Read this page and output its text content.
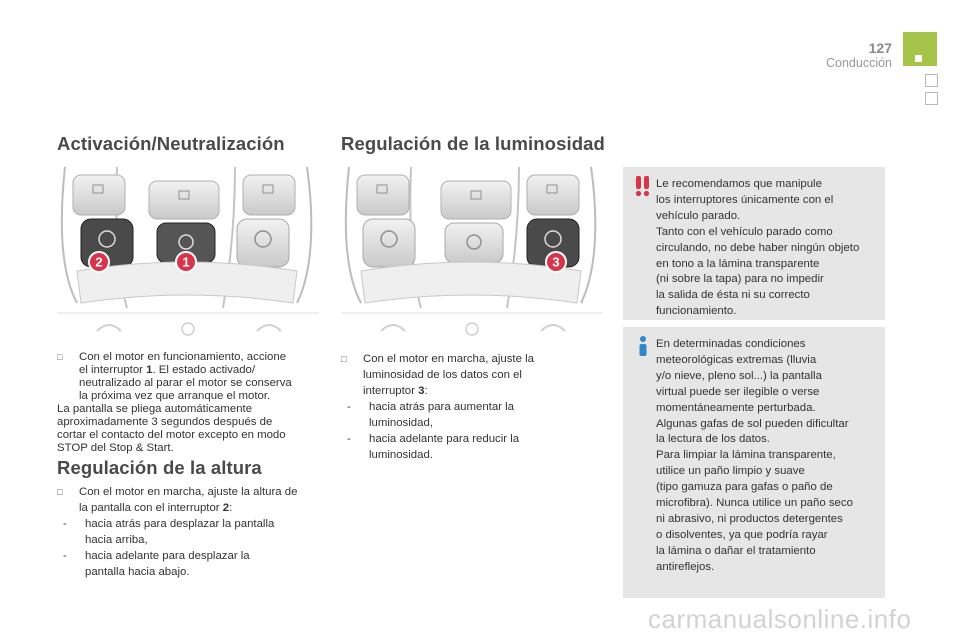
127
Conducción
Activación/Neutralización	Regulación de la luminosidad
2	1	3
□ Con el motor en funcionamiento, accione

el interruptor 1. El estado activado/

neutralizado al parar el motor se conserva

la próxima vez que arranque el motor.

La pantalla se pliega automáticamente

aproximadamente 3 segundos después de

cortar el contacto del motor excepto en modo

STOP del Stop & Start.

Regulación de la altura
□ Con el motor en marcha, ajuste la altura de

la pantalla con el interruptor 2:

- hacia atrás para desplazar la pantalla

hacia arriba,

- hacia adelante para desplazar la

pantalla hacia abajo.

□ Con el motor en marcha, ajuste la

luminosidad de los datos con el

interruptor 3:

- hacia atrás para aumentar la

luminosidad,

- hacia adelante para reducir la

luminosidad.

Le recomendamos que manipule
los interruptores únicamente con el
vehículo parado.
Tanto con el vehículo parado como
circulando, no debe haber ningún objeto
en tono a la lámina transparente
(ni sobre la tapa) para no impedir
la salida de ésta ni su correcto
funcionamiento.
En determinadas condiciones
meteorológicas extremas (lluvia
y/o nieve, pleno sol...) la pantalla
virtual puede ser ilegible o verse
momentáneamente perturbada.
Algunas gafas de sol pueden dificultar
la lectura de los datos.
Para limpiar la lámina transparente,
utilice un paño limpio y suave
(tipo gamuza para gafas o paño de
microfibra). Nunca utilice un paño seco
ni abrasivo, ni productos detergentes
o disolventes, ya que podría rayar
la lámina o dañar el tratamiento
antireflejos.
carmanualsonline.info
